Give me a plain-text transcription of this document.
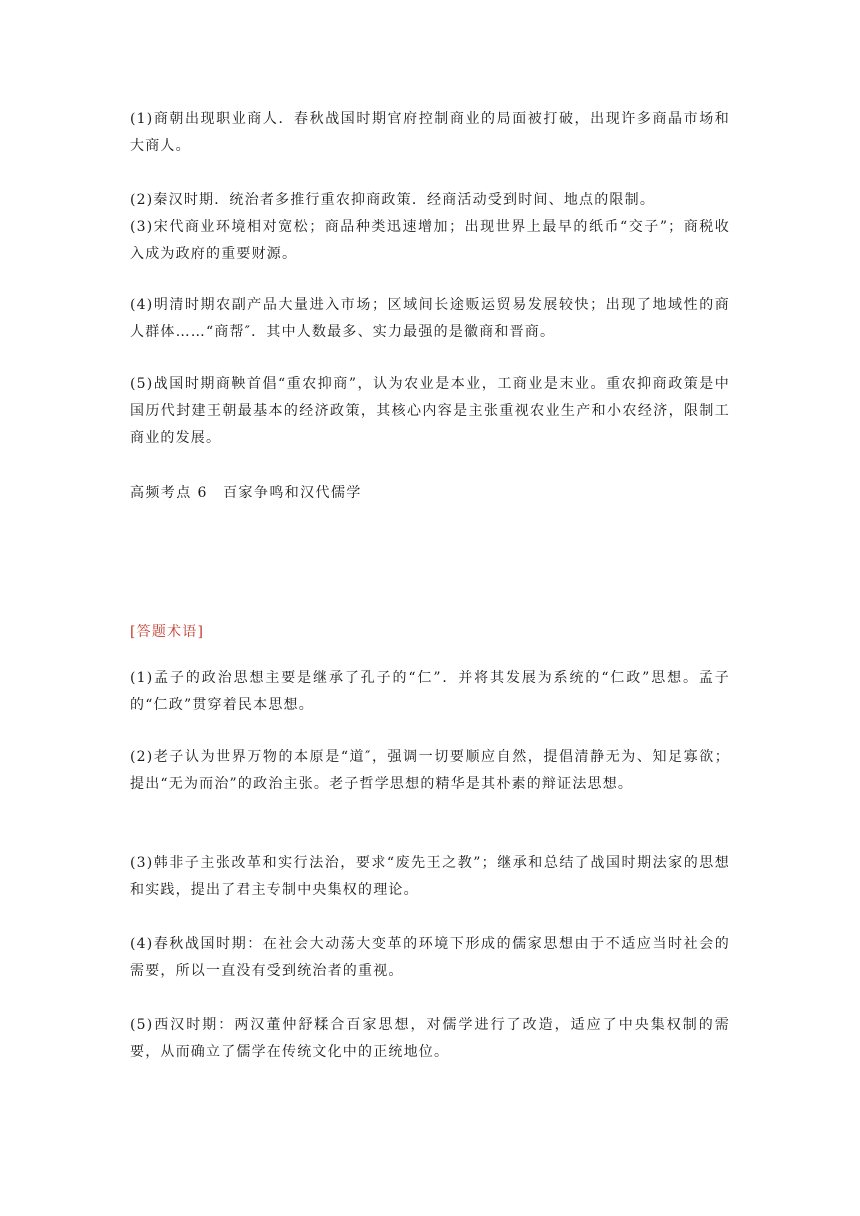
(1)商朝出现职业商人．春秋战国时期官府控制商业的局面被打破，出现许多商晶市场和大商人。

(2)秦汉时期．统治者多推行重农抑商政策．经商活动受到时间、地点的限制。

(3)宋代商业环境相对宽松；商品种类迅速增加；出现世界上最早的纸币“交子”；商税收入成为政府的重要财源。

(4)明清时期农副产品大量进入市场；区域间长途贩运贸易发展较快；出现了地域性的商人群体……“商帮″．其中人数最多、实力最强的是徽商和晋商。

(5)战国时期商鞅首倡“重农抑商”，认为农业是本业，工商业是末业。重农抑商政策是中国历代封建王朝最基本的经济政策，其核心内容是主张重视农业生产和小农经济，限制工商业的发展。

高频考点 6　百家争鸣和汉代儒学

[答题术语]

(1)孟子的政治思想主要是继承了孔子的“仁”．并将其发展为系统的“仁政”思想。孟子的“仁政”贯穿着民本思想。

(2)老子认为世界万物的本原是“道″，强调一切要顺应自然，提倡清静无为、知足寡欲；提出“无为而治”的政治主张。老子哲学思想的精华是其朴素的辩证法思想。

(3)韩非子主张改革和实行法治，要求“废先王之教”；继承和总结了战国时期法家的思想和实践，提出了君主专制中央集权的理论。

(4)春秋战国时期：在社会大动荡大变革的环境下形成的儒家思想由于不适应当时社会的需要，所以一直没有受到统治者的重视。

(5)西汉时期：两汉董仲舒糅合百家思想，对儒学进行了改造，适应了中央集权制的需要，从而确立了儒学在传统文化中的正统地位。
